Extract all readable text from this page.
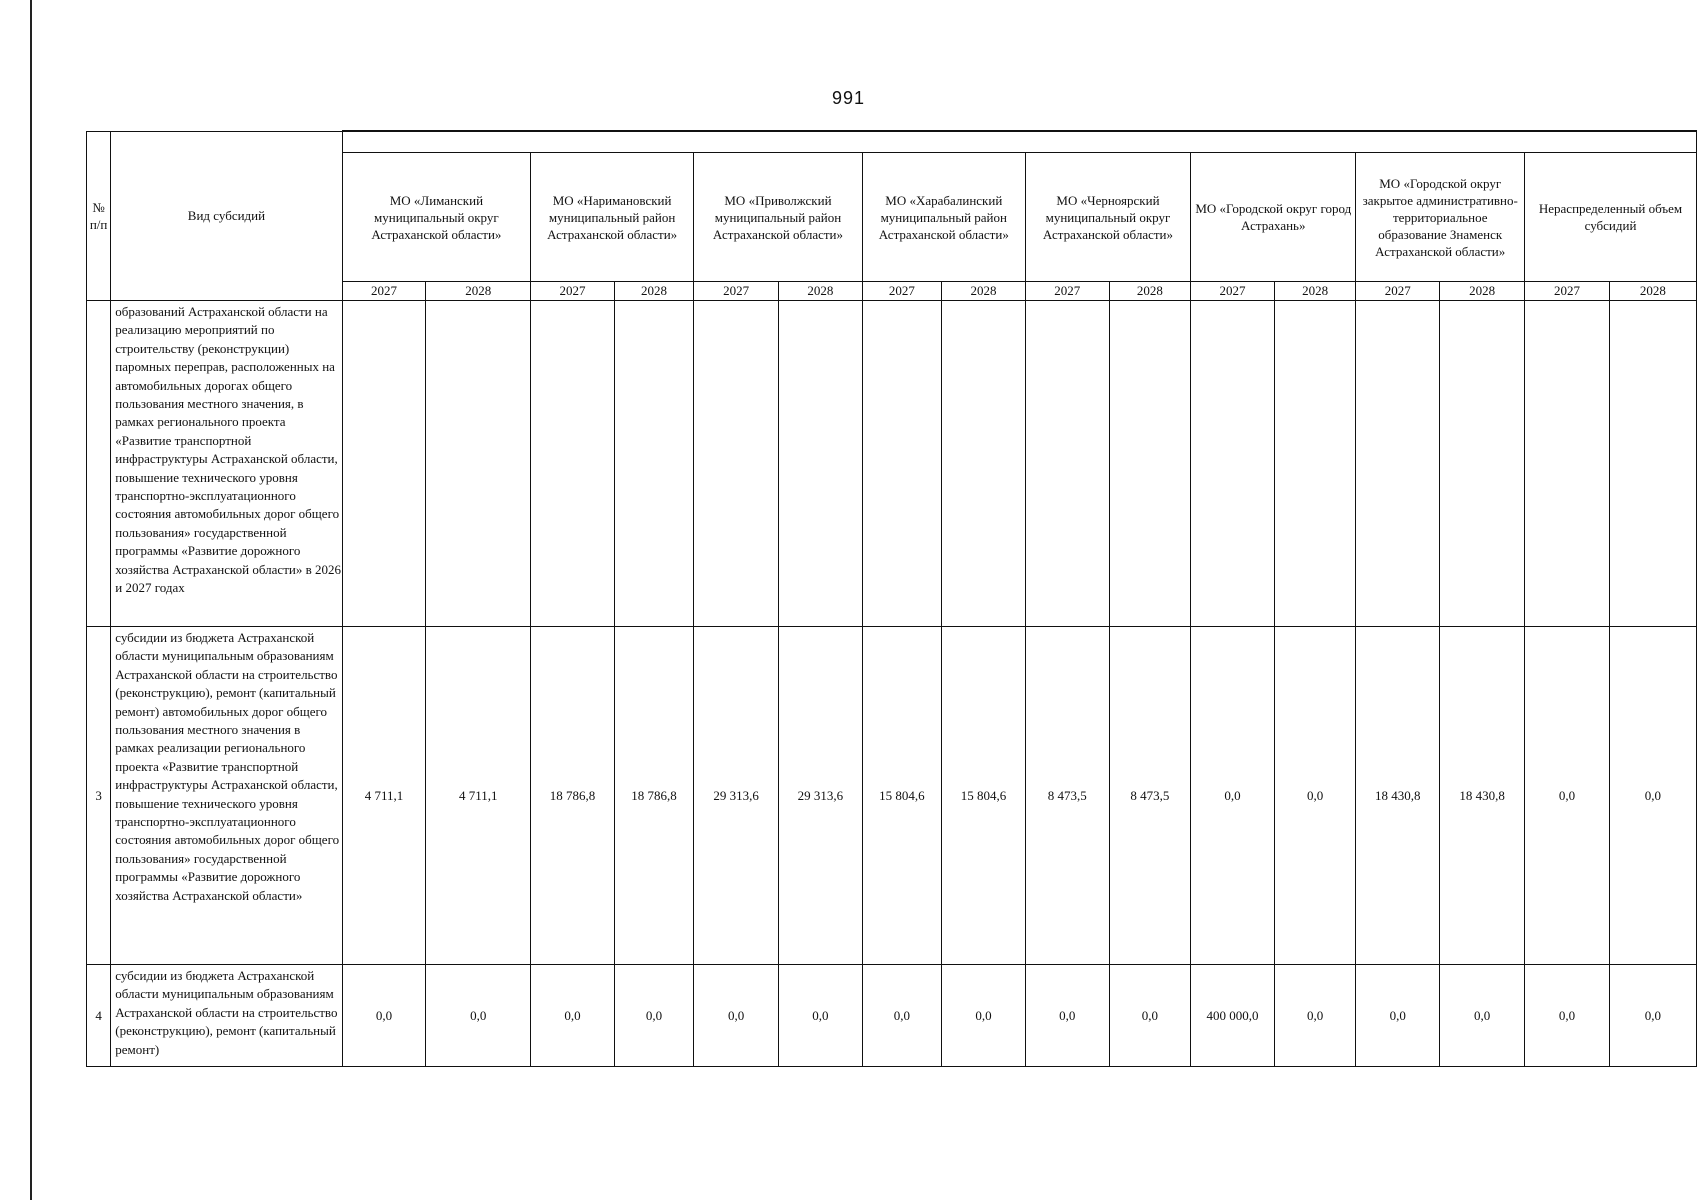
991
№ п/п	Вид субсидий																
		МО «Лиманский муниципальный округ Астраханской области»		МО «Наримановский муниципальный район Астраханской области»		МО «Приволжский муниципальный район Астраханской области»		МО «Харабалинский муниципальный район Астраханской области»		МО «Черноярский муниципальный округ Астраханской области»		МО «Городской округ город Астрахань»		МО «Городской округ закрытое административно-территориальное образование Знаменск Астраханской области»		Нераспределенный объем субсидий	
		2027	2028	2027	2028	2027	2028	2027	2028	2027	2028	2027	2028	2027	2028	2027	2028
	образований Астраханской области на реализацию мероприятий по строительству (реконструкции) паромных переправ, расположенных на автомобильных дорогах общего пользования местного значения, в рамках регионального проекта «Развитие транспортной инфраструктуры Астраханской области, повышение технического уровня транспортно-эксплуатационного состояния автомобильных дорог общего пользования» государственной программы «Развитие дорожного хозяйства Астраханской области» в 2026 и 2027 годах																
3	субсидии из бюджета Астраханской области муниципальным образованиям Астраханской области на строительство (реконструкцию), ремонт (капитальный ремонт) автомобильных дорог общего пользования местного значения в рамках реализации регионального проекта «Развитие транспортной инфраструктуры Астраханской области, повышение технического уровня транспортно-эксплуатационного состояния автомобильных дорог общего пользования» государственной программы «Развитие дорожного хозяйства Астраханской области»	4 711,1	4 711,1	18 786,8	18 786,8	29 313,6	29 313,6	15 804,6	15 804,6	8 473,5	8 473,5	0,0	0,0	18 430,8	18 430,8	0,0	0,0
4	субсидии из бюджета Астраханской области муниципальным образованиям Астраханской области на строительство (реконструкцию), ремонт (капитальный ремонт)	0,0	0,0	0,0	0,0	0,0	0,0	0,0	0,0	0,0	0,0	400 000,0	0,0	0,0	0,0	0,0	0,0
